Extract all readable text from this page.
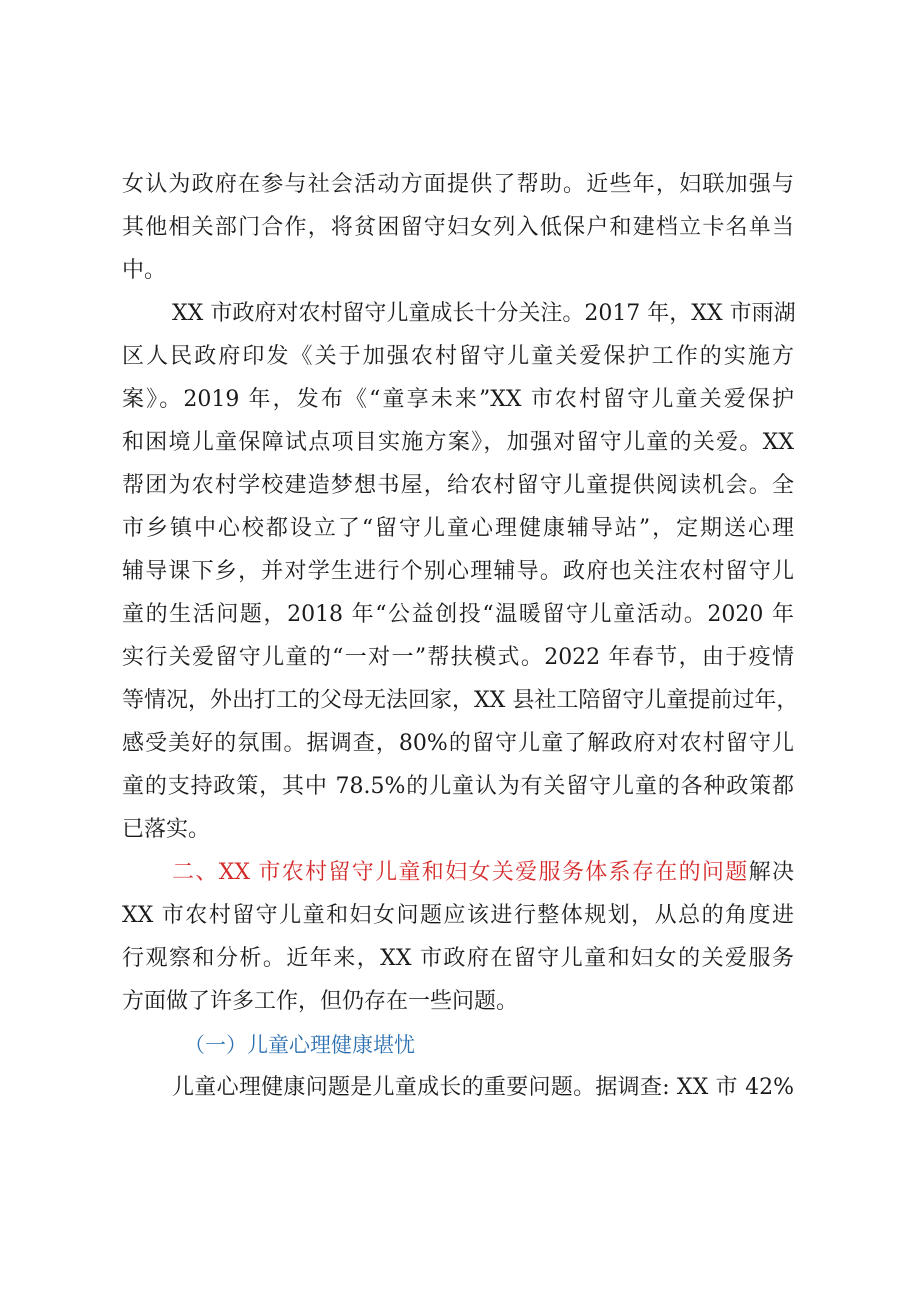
女认为政府在参与社会活动方面提供了帮助。近些年，妇联加强与
其他相关部门合作，将贫困留守妇女列入低保户和建档立卡名单当
中。
XX 市政府对农村留守儿童成长十分关注。2017 年，XX 市雨湖
区人民政府印发《关于加强农村留守儿童关爱保护工作的实施方
案》。2019 年，发布《“童享未来”XX 市农村留守儿童关爱保护
和困境儿童保障试点项目实施方案》，加强对留守儿童的关爱。XX
帮团为农村学校建造梦想书屋，给农村留守儿童提供阅读机会。全
市乡镇中心校都设立了“留守儿童心理健康辅导站”，定期送心理
辅导课下乡，并对学生进行个别心理辅导。政府也关注农村留守儿
童的生活问题，2018 年“公益创投“温暖留守儿童活动。2020 年
实行关爱留守儿童的“一对一”帮扶模式。2022 年春节，由于疫情
等情况，外出打工的父母无法回家，XX 县社工陪留守儿童提前过年，
感受美好的氛围。据调查，80%的留守儿童了解政府对农村留守儿
童的支持政策，其中 78.5%的儿童认为有关留守儿童的各种政策都
已落实。
二、XX 市农村留守儿童和妇女关爱服务体系存在的问题解决
XX 市农村留守儿童和妇女问题应该进行整体规划，从总的角度进
行观察和分析。近年来，XX 市政府在留守儿童和妇女的关爱服务
方面做了许多工作，但仍存在一些问题。
（一）儿童心理健康堪忧
儿童心理健康问题是儿童成长的重要问题。据调查: XX 市 42%
